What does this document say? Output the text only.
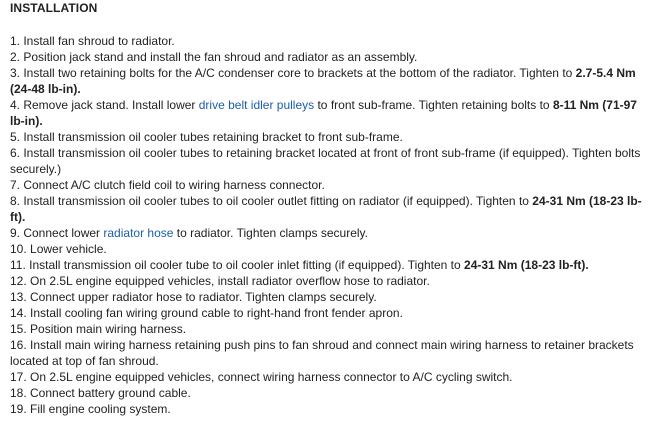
INSTALLATION
1. Install fan shroud to radiator.
2. Position jack stand and install the fan shroud and radiator as an assembly.
3. Install two retaining bolts for the A/C condenser core to brackets at the bottom of the radiator. Tighten to 2.7-5.4 Nm (24-48 lb-in).
4. Remove jack stand. Install lower drive belt idler pulleys to front sub-frame. Tighten retaining bolts to 8-11 Nm (71-97 lb-in).
5. Install transmission oil cooler tubes retaining bracket to front sub-frame.
6. Install transmission oil cooler tubes to retaining bracket located at front of front sub-frame (if equipped). Tighten bolts securely.)
7. Connect A/C clutch field coil to wiring harness connector.
8. Install transmission oil cooler tubes to oil cooler outlet fitting on radiator (if equipped). Tighten to 24-31 Nm (18-23 lb-ft).
9. Connect lower radiator hose to radiator. Tighten clamps securely.
10. Lower vehicle.
11. Install transmission oil cooler tube to oil cooler inlet fitting (if equipped). Tighten to 24-31 Nm (18-23 lb-ft).
12. On 2.5L engine equipped vehicles, install radiator overflow hose to radiator.
13. Connect upper radiator hose to radiator. Tighten clamps securely.
14. Install cooling fan wiring ground cable to right-hand front fender apron.
15. Position main wiring harness.
16. Install main wiring harness retaining push pins to fan shroud and connect main wiring harness to retainer brackets located at top of fan shroud.
17. On 2.5L engine equipped vehicles, connect wiring harness connector to A/C cycling switch.
18. Connect battery ground cable.
19. Fill engine cooling system.
